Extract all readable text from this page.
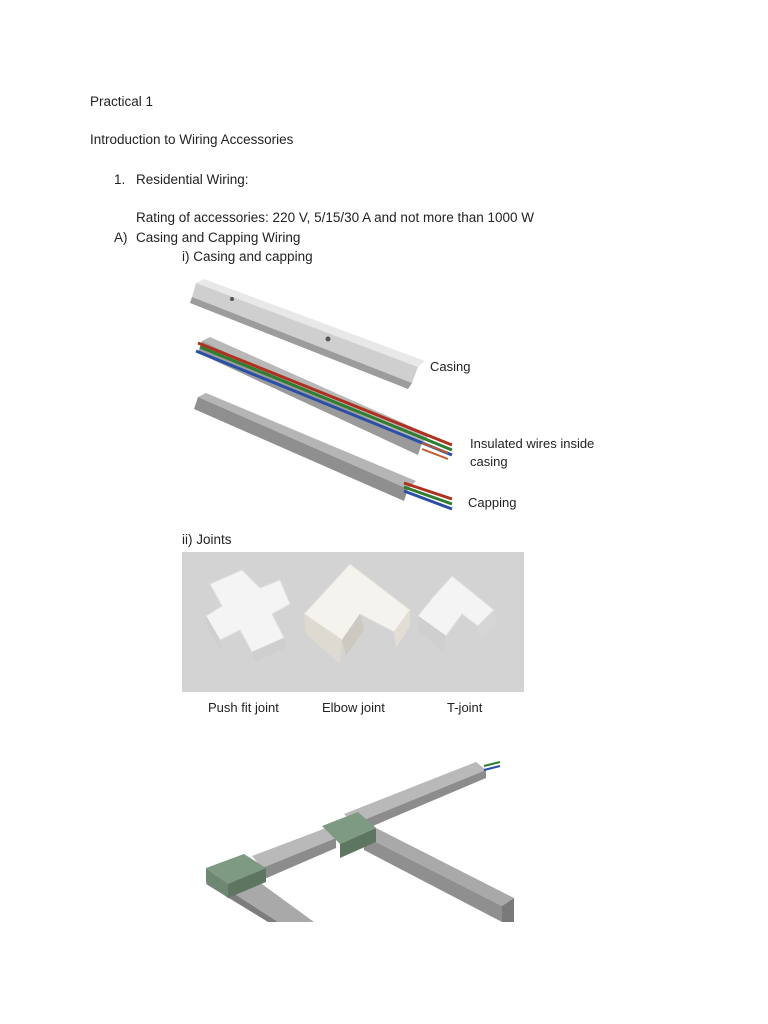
Practical 1
Introduction to Wiring Accessories
1. Residential Wiring:
Rating of accessories: 220 V, 5/15/30 A and not more than 1000 W
A) Casing and Capping Wiring
i) Casing and capping
Casing
Insulated wires inside
casing
Capping
ii) Joints
Push fit joint	Elbow joint	T-joint
